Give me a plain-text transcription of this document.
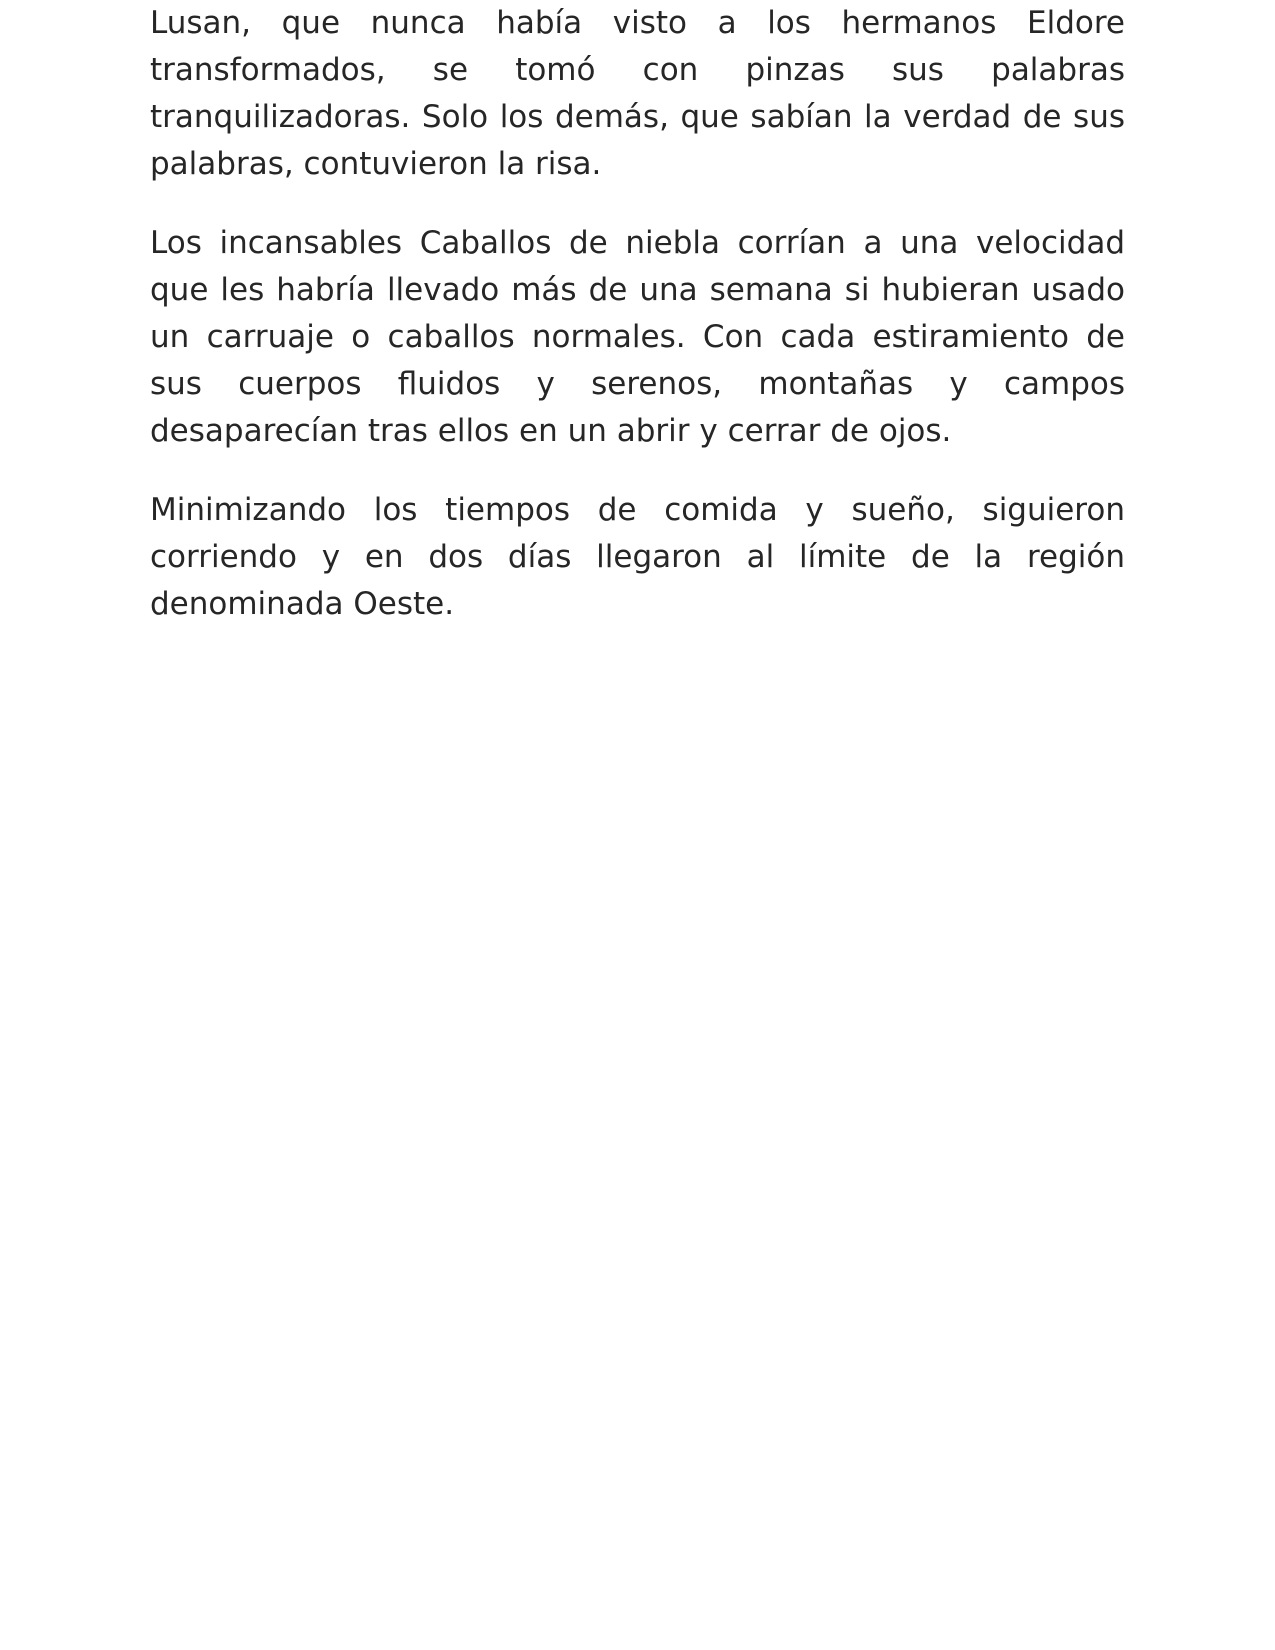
Lusan, que nunca había visto a los hermanos Eldore transformados, se tomó con pinzas sus palabras tranquilizadoras. Solo los demás, que sabían la verdad de sus palabras, contuvieron la risa.

Los incansables Caballos de niebla corrían a una velocidad que les habría llevado más de una semana si hubieran usado un carruaje o caballos normales. Con cada estiramiento de sus cuerpos fluidos y serenos, montañas y campos desaparecían tras ellos en un abrir y cerrar de ojos.

Minimizando los tiempos de comida y sueño, siguieron corriendo y en dos días llegaron al límite de la región denominada Oeste.
